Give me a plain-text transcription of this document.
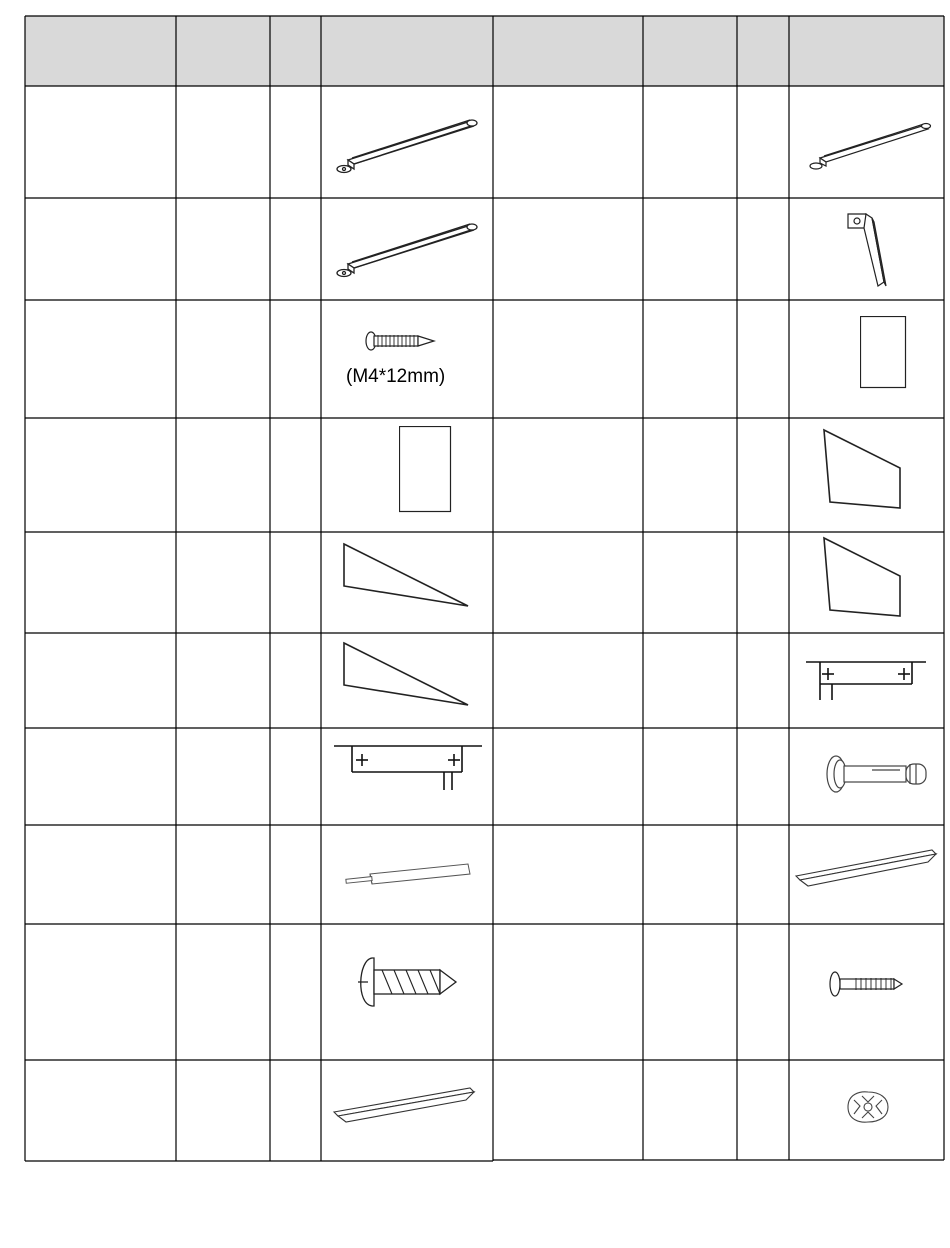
(M4*12mm)
